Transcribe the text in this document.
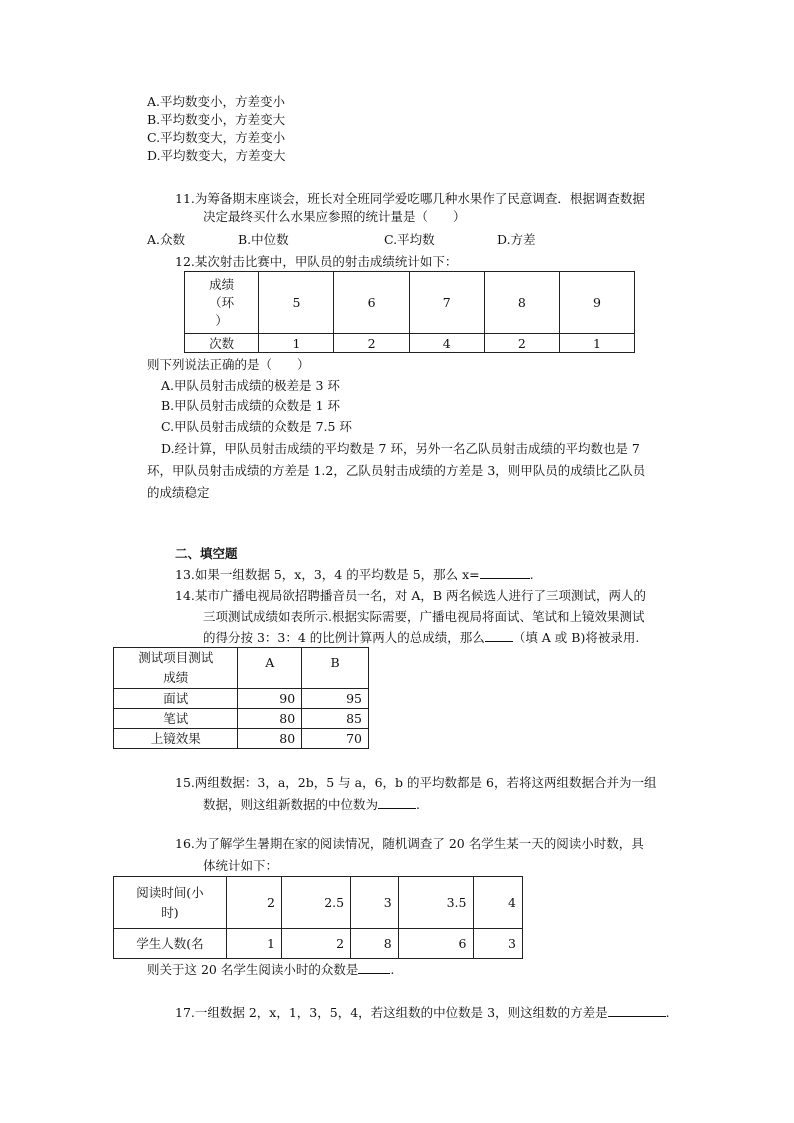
A.平均数变小，方差变小
B.平均数变小，方差变大
C.平均数变大，方差变小
D.平均数变大，方差变大
11.为筹备期末座谈会，班长对全班同学爱吃哪几种水果作了民意调查．根据调查数据
决定最终买什么水果应参照的统计量是（　　）
A.众数	B.中位数	C.平均数	D.方差
12.某次射击比赛中，甲队员的射击成绩统计如下：
成绩
（环
）	5	6	7	8	9
次数	1	2	4	2	1
则下列说法正确的是（　　）
A.甲队员射击成绩的极差是 3 环
B.甲队员射击成绩的众数是 1 环
C.甲队员射击成绩的众数是 7.5 环
D.经计算，甲队员射击成绩的平均数是 7 环，另外一名乙队员射击成绩的平均数也是 7
环，甲队员射击成绩的方差是 1.2，乙队员射击成绩的方差是 3，则甲队员的成绩比乙队员
的成绩稳定
二、填空题
13.如果一组数据 5，x，3，4 的平均数是 5，那么 x=	.
14.某市广播电视局欲招聘播音员一名，对 A，B 两名候选人进行了三项测试，两人的
三项测试成绩如表所示.根据实际需要，广播电视局将面试、笔试和上镜效果测试
的得分按 3：3：4 的比例计算两人的总成绩，那么 （填 A 或 B)将被录用.
测试项目测试
成绩	A	B
面试	90	95
笔试	80	85
上镜效果	80	70
15.两组数据：3，a，2b，5 与 a，6，b 的平均数都是 6，若将这两组数据合并为一组
数据，则这组新数据的中位数为	.
16.为了解学生暑期在家的阅读情况，随机调查了 20 名学生某一天的阅读小时数，具
体统计如下：
阅读时间(小
时)	2	2.5	3	3.5	4
学生人数(名	1	2	8	6	3
则关于这 20 名学生阅读小时的众数是	.
17.一组数据 2，x，1，3，5，4，若这组数的中位数是 3，则这组数的方差是	.
